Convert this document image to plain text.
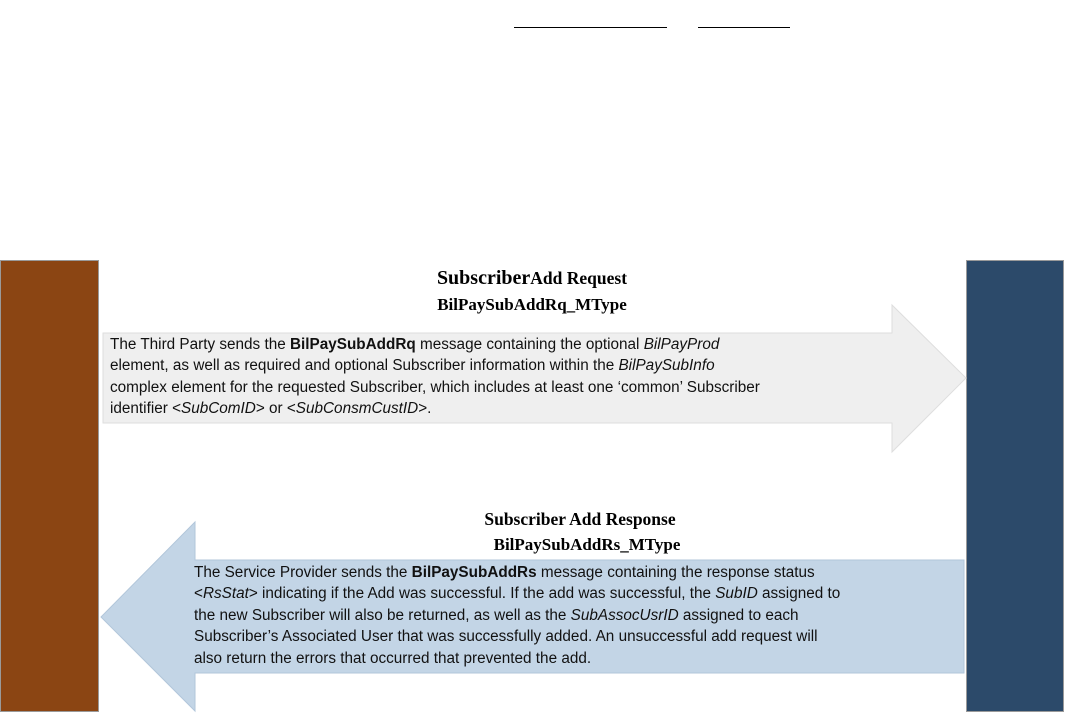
SubscriberAdd Request
BilPaySubAddRq_MType
The Third Party sends the BilPaySubAddRq message containing the optional BilPayProd
element, as well as required and optional Subscriber information within the BilPaySubInfo
complex element for the requested Subscriber, which includes at least one ‘common’ Subscriber
identifier <SubComID> or <SubConsmCustID>.
Subscriber Add Response
BilPaySubAddRs_MType
The Service Provider sends the BilPaySubAddRs message containing the response status
<RsStat> indicating if the Add was successful. If the add was successful, the SubID assigned to
the new Subscriber will also be returned, as well as the SubAssocUsrID assigned to each
Subscriber’s Associated User that was successfully added. An unsuccessful add request will
also return the errors that occurred that prevented the add.
